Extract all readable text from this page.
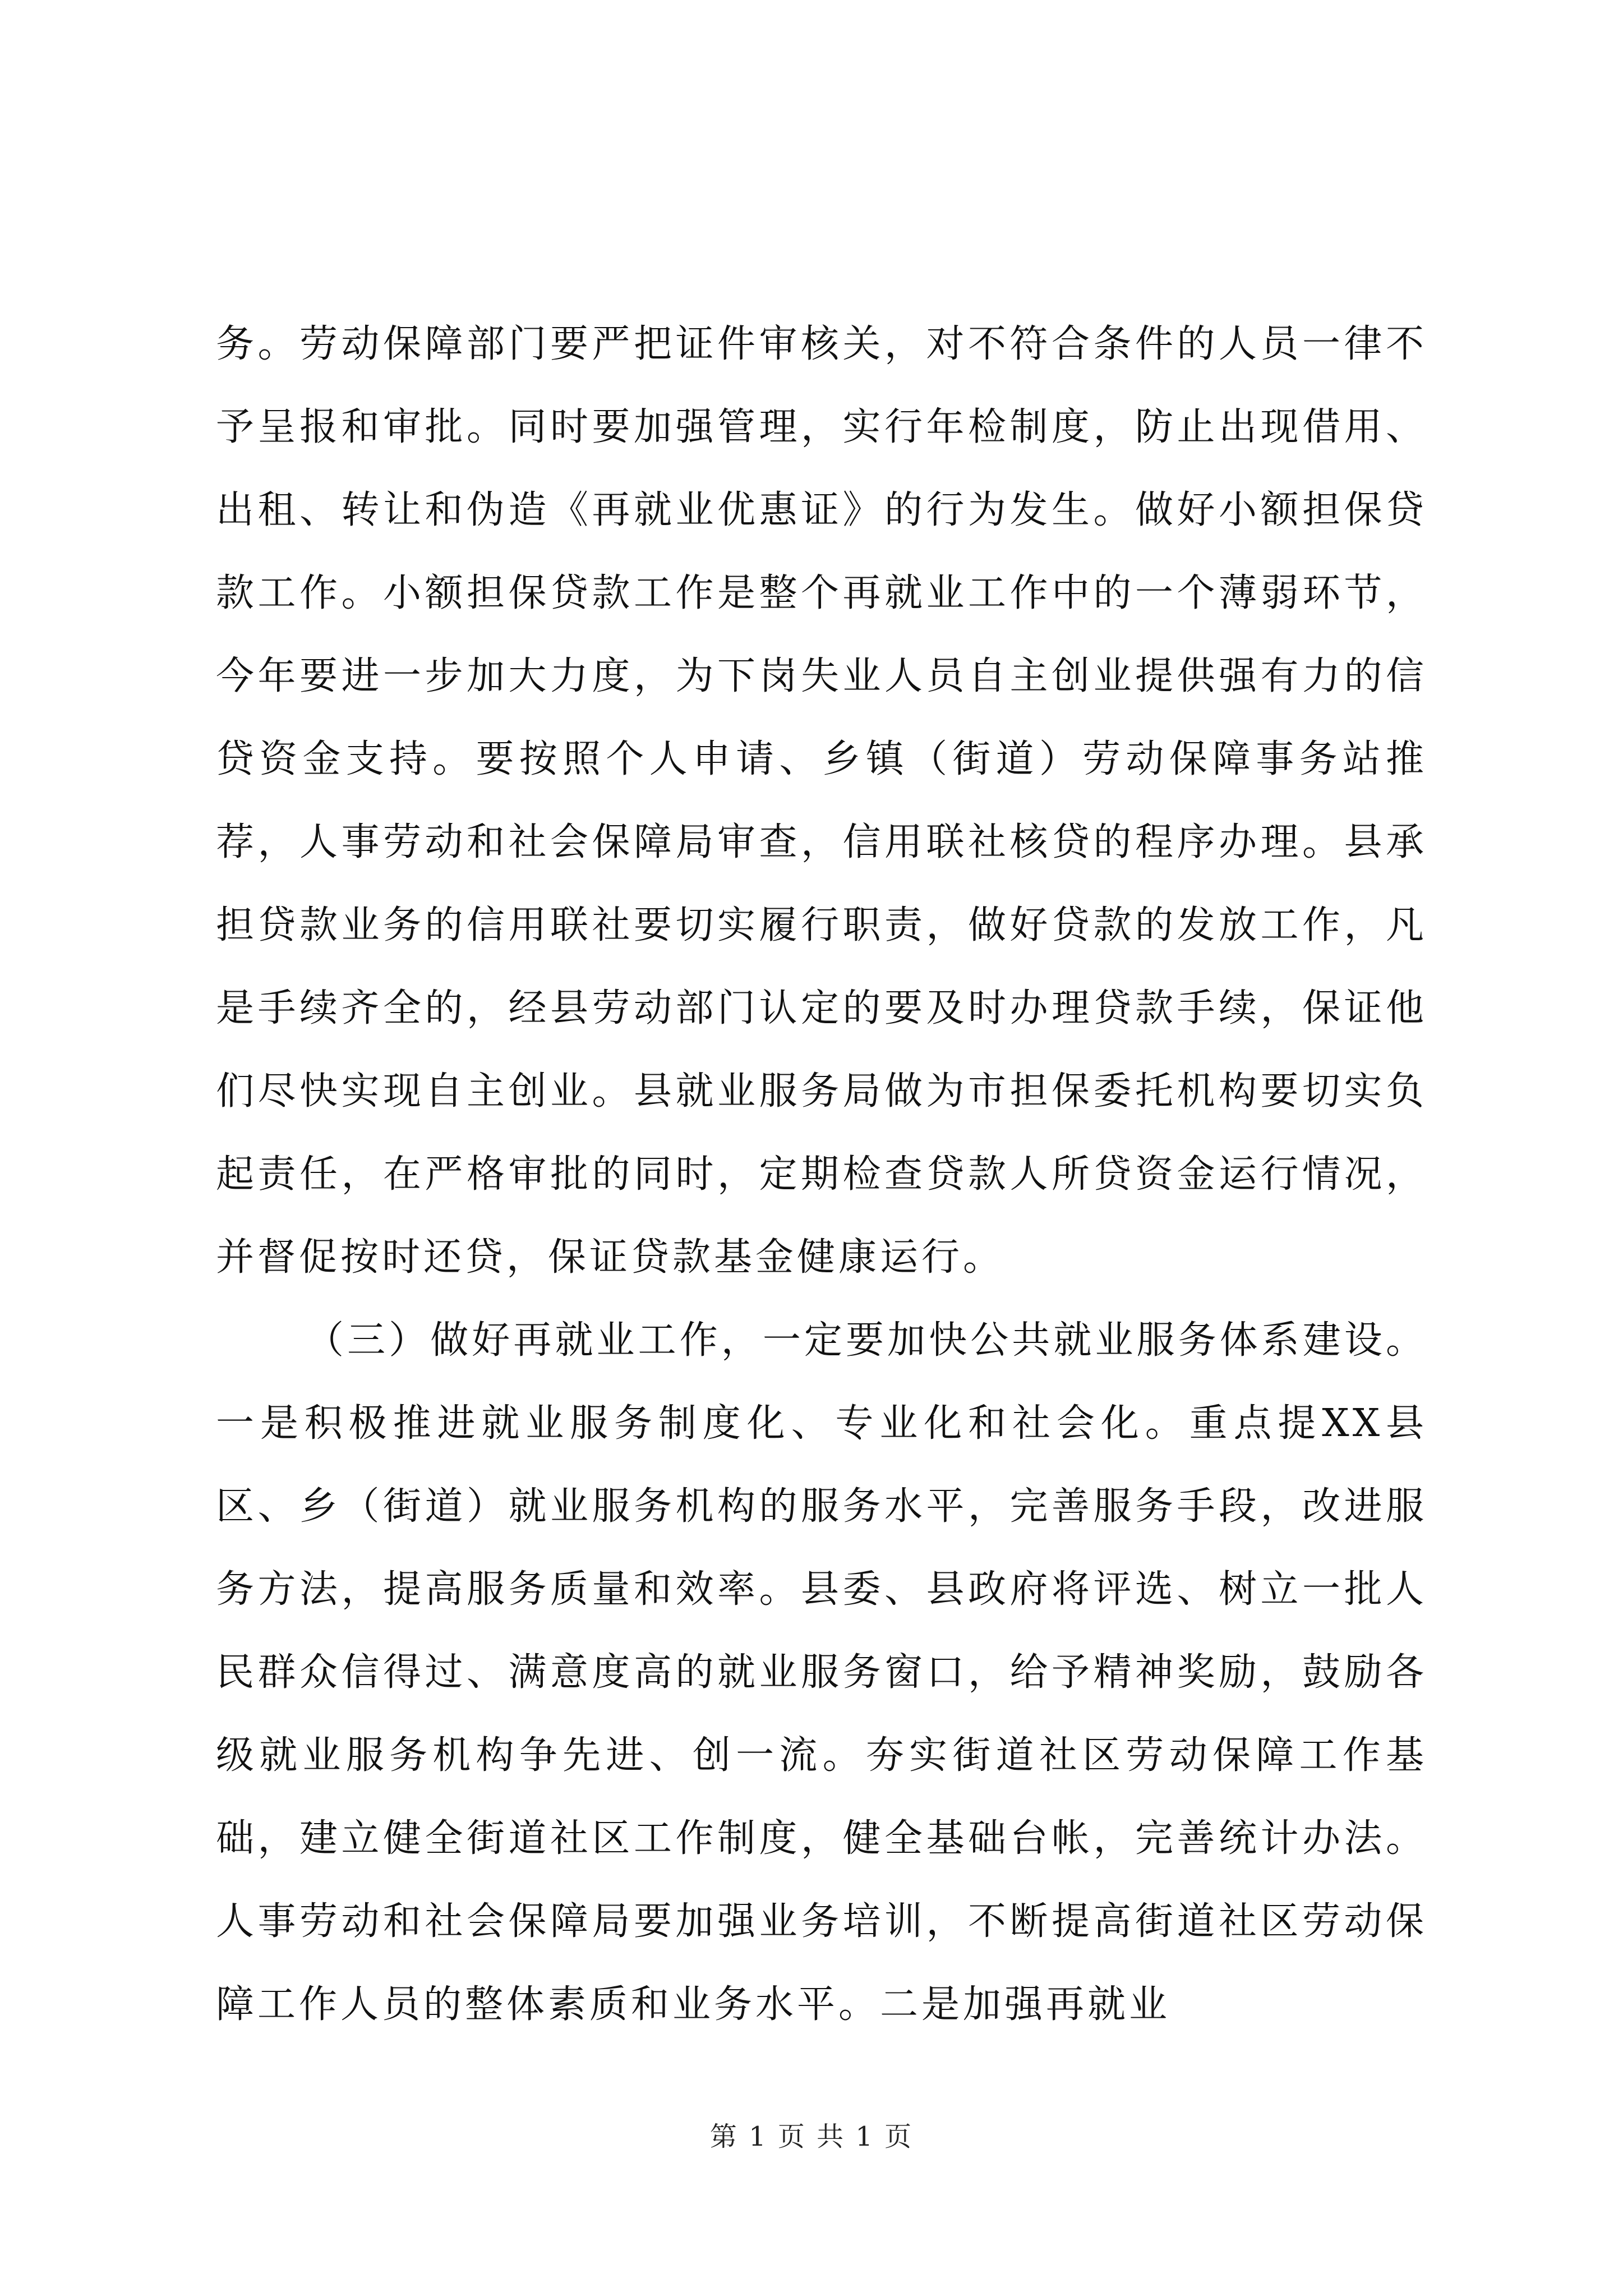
务。劳动保障部门要严把证件审核关，对不符合条件的人员一律不予呈报和审批。同时要加强管理，实行年检制度，防止出现借用、出租、转让和伪造《再就业优惠证》的行为发生。做好小额担保贷款工作。小额担保贷款工作是整个再就业工作中的一个薄弱环节，今年要进一步加大力度，为下岗失业人员自主创业提供强有力的信贷资金支持。要按照个人申请、乡镇（街道）劳动保障事务站推荐，人事劳动和社会保障局审查，信用联社核贷的程序办理。县承担贷款业务的信用联社要切实履行职责，做好贷款的发放工作，凡是手续齐全的，经县劳动部门认定的要及时办理贷款手续，保证他们尽快实现自主创业。县就业服务局做为市担保委托机构要切实负起责任，在严格审批的同时，定期检查贷款人所贷资金运行情况，并督促按时还贷，保证贷款基金健康运行。

（三）做好再就业工作，一定要加快公共就业服务体系建设。一是积极推进就业服务制度化、专业化和社会化。重点提XX县区、乡（街道）就业服务机构的服务水平，完善服务手段，改进服务方法，提高服务质量和效率。县委、县政府将评选、树立一批人民群众信得过、满意度高的就业服务窗口，给予精神奖励，鼓励各级就业服务机构争先进、创一流。夯实街道社区劳动保障工作基础，建立健全街道社区工作制度，健全基础台帐，完善统计办法。人事劳动和社会保障局要加强业务培训，不断提高街道社区劳动保障工作人员的整体素质和业务水平。二是加强再就业

第 1 页 共 1 页
